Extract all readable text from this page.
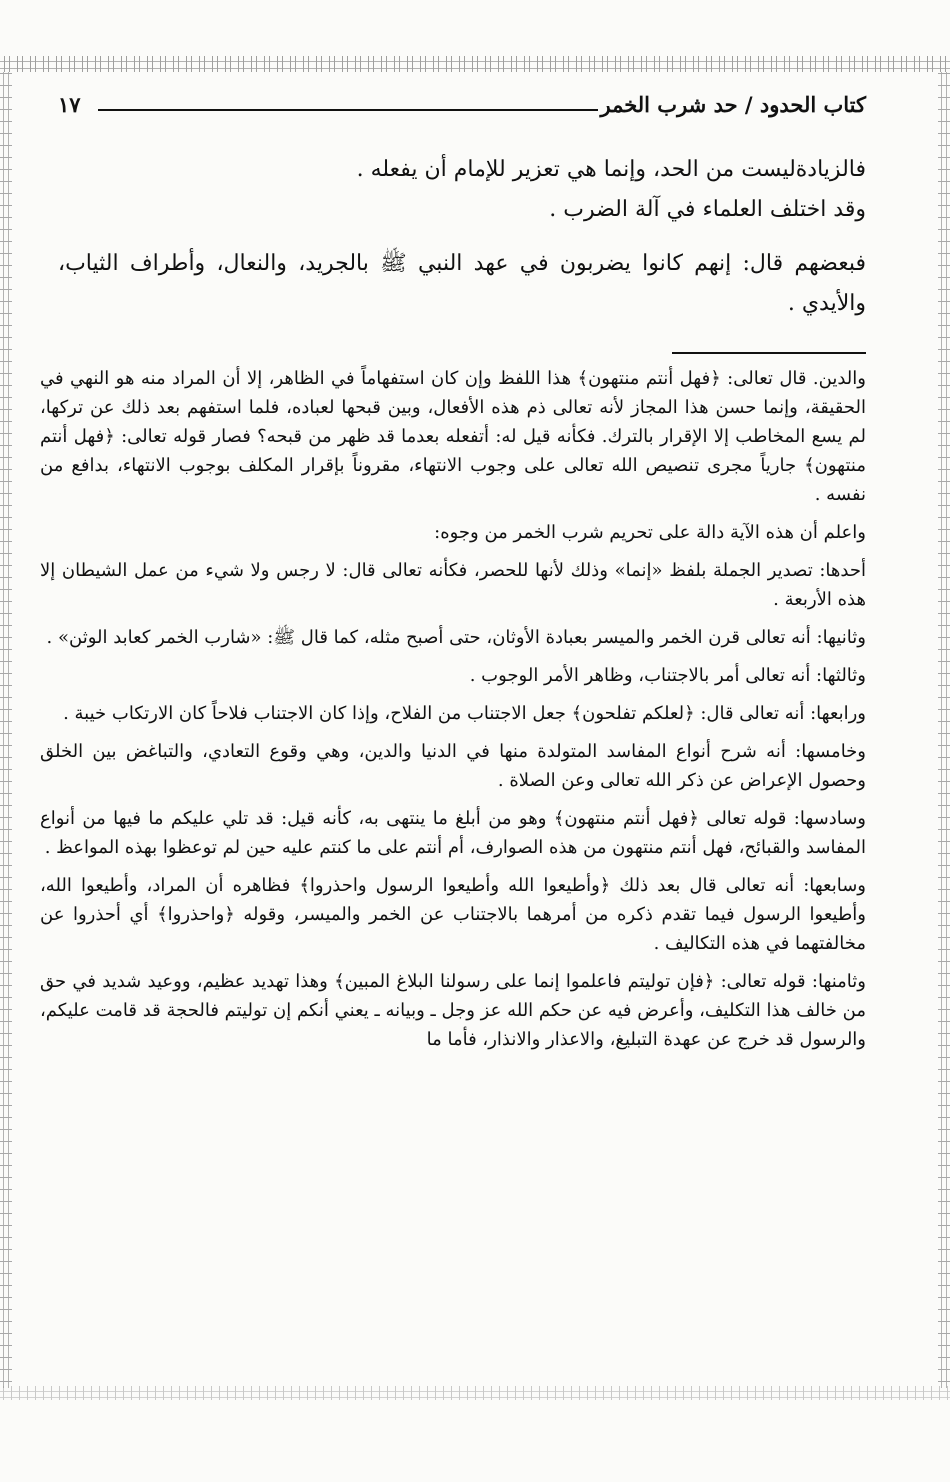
كتاب الحدود / حد شرب الخمر
١٧

فالزيادةليست من الحد، وإنما هي تعزير للإمام أن يفعله .

وقد اختلف العلماء في آلة الضرب .

فبعضهم قال: إنهم كانوا يضربون في عهد النبي ﷺ بالجريد، والنعال، وأطراف الثياب، والأيدي .

والدين. قال تعالى: ﴿فهل أنتم منتهون﴾ هذا اللفظ وإن كان استفهاماً في الظاهر، إلا أن المراد منه هو النهي في الحقيقة، وإنما حسن هذا المجاز لأنه تعالى ذم هذه الأفعال، وبين قبحها لعباده، فلما استفهم بعد ذلك عن تركها، لم يسع المخاطب إلا الإقرار بالترك. فكأنه قيل له: أتفعله بعدما قد ظهر من قبحه؟ فصار قوله تعالى: ﴿فهل أنتم منتهون﴾ جارياً مجرى تنصيص الله تعالى على وجوب الانتهاء، مقروناً بإقرار المكلف بوجوب الانتهاء، بدافع من نفسه .

واعلم أن هذه الآية دالة على تحريم شرب الخمر من وجوه:

أحدها: تصدير الجملة بلفظ «إنما» وذلك لأنها للحصر، فكأنه تعالى قال: لا رجس ولا شيء من عمل الشيطان إلا هذه الأربعة .

وثانيها: أنه تعالى قرن الخمر والميسر بعبادة الأوثان، حتى أصبح مثله، كما قال ﷺ: «شارب الخمر كعابد الوثن» .

وثالثها: أنه تعالى أمر بالاجتناب، وظاهر الأمر الوجوب .

ورابعها: أنه تعالى قال: ﴿لعلكم تفلحون﴾ جعل الاجتناب من الفلاح، وإذا كان الاجتناب فلاحاً كان الارتكاب خيبة .

وخامسها: أنه شرح أنواع المفاسد المتولدة منها في الدنيا والدين، وهي وقوع التعادي، والتباغض بين الخلق وحصول الإعراض عن ذكر الله تعالى وعن الصلاة .

وسادسها: قوله تعالى ﴿فهل أنتم منتهون﴾ وهو من أبلغ ما ينتهى به، كأنه قيل: قد تلي عليكم ما فيها من أنواع المفاسد والقبائح، فهل أنتم منتهون من هذه الصوارف، أم أنتم على ما كنتم عليه حين لم توعظوا بهذه المواعظ .

وسابعها: أنه تعالى قال بعد ذلك ﴿وأطيعوا الله وأطيعوا الرسول واحذروا﴾ فظاهره أن المراد، وأطيعوا الله، وأطيعوا الرسول فيما تقدم ذكره من أمرهما بالاجتناب عن الخمر والميسر، وقوله ﴿واحذروا﴾ أي أحذروا عن مخالفتهما في هذه التكاليف .

وثامنها: قوله تعالى: ﴿فإن توليتم فاعلموا إنما على رسولنا البلاغ المبين﴾ وهذا تهديد عظيم، ووعيد شديد في حق من خالف هذا التكليف، وأعرض فيه عن حكم الله عز وجل ـ وبيانه ـ يعني أنكم إن توليتم فالحجة قد قامت عليكم، والرسول قد خرج عن عهدة التبليغ، والاعذار والانذار، فأما ما
